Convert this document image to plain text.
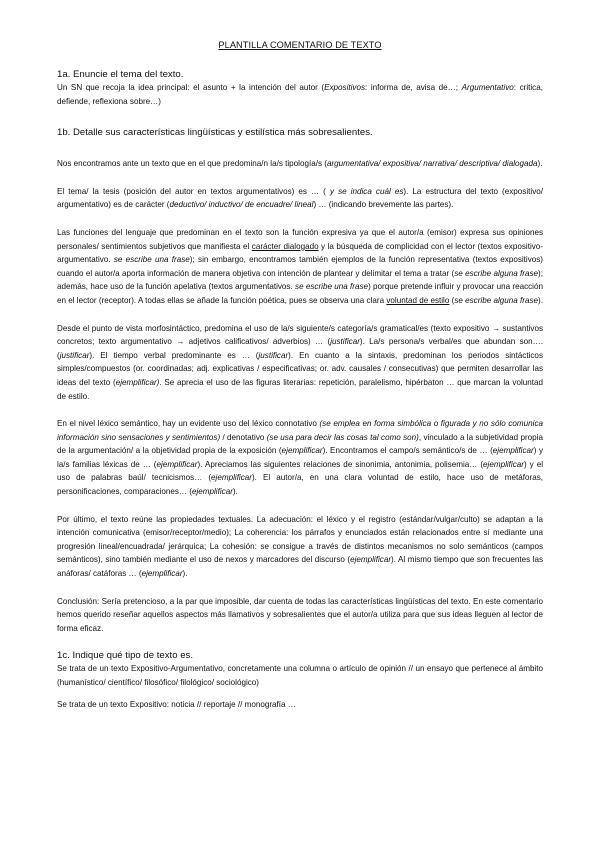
PLANTILLA COMENTARIO DE TEXTO
1a. Enuncie el tema del texto.

Un SN que recoja la idea principal: el asunto + la intención del autor (Expositivos: informa de, avisa de…; Argumentativo: critica, defiende, reflexiona sobre…)

1b. Detalle sus características lingüísticas y estilística más sobresalientes.

Nos encontramos ante un texto que en el que predomina/n la/s tipología/s (argumentativa/ expositiva/ narrativa/ descriptiva/ dialogada).

El tema/ la tesis (posición del autor en textos argumentativos) es … ( y se indica cuál es). La estructura del texto (expositivo/ argumentativo) es de carácter (deductivo/ inductivo/ de encuadre/ lineal) … (indicando brevemente las partes).

Las funciones del lenguaje que predominan en el texto son la función expresiva ya que el autor/a (emisor) expresa sus opiniones personales/ sentimientos subjetivos que manifiesta el carácter dialogado y la búsqueda de complicidad con el lector (textos expositivo-argumentativo. se escribe una frase); sin embargo, encontramos también ejemplos de la función representativa (textos expositivos) cuando el autor/a aporta información de manera objetiva con intención de plantear y delimitar el tema a tratar (se escribe alguna frase); además, hace uso de la función apelativa (textos argumentativos. se escribe una frase) porque pretende influir y provocar una reacción en el lector (receptor). A todas ellas se añade la función poética, pues se observa una clara voluntad de estilo (se escribe alguna frase).

Desde el punto de vista morfosintáctico, predomina el uso de la/s siguiente/s categoría/s gramatical/es (texto expositivo → sustantivos concretos; texto argumentativo → adjetivos calificativos/ adverbios) … (justificar). La/s persona/s verbal/es que abundan son…. (justificar). El tiempo verbal predominante es … (justificar). En cuanto a la sintaxis, predominan los periodos sintácticos simples/compuestos (or. coordinadas; adj. explicativas / especificativas; or. adv. causales / consecutivas) que permiten desarrollar las ideas del texto (ejemplificar). Se aprecia el uso de las figuras literarias: repetición, paralelismo, hipérbaton … que marcan la voluntad de estilo.

En el nivel léxico semántico, hay un evidente uso del léxico connotativo (se emplea en forma simbólica o figurada y no sólo comunica información sino sensaciones y sentimientos) / denotativo (se usa para decir las cosas tal como son), vinculado a la subjetividad propia de la argumentación/ a la objetividad propia de la exposición (ejemplificar). Encontramos el campo/s semántico/s de … (ejemplificar) y la/s familias léxicas de … (ejemplificar). Apreciamos las siguientes relaciones de sinonimia, antonimia, polisemia… (ejemplificar) y el uso de palabras baúl/ tecnicismos… (ejemplificar). El autor/a, en una clara voluntad de estilo, hace uso de metáforas, personificaciones, comparaciones… (ejemplificar).

Por último, el texto reúne las propiedades textuales. La adecuación: el léxico y el registro (estándar/vulgar/culto) se adaptan a la intención comunicativa (emisor/receptor/medio); La coherencia: los párrafos y enunciados están relacionados entre sí mediante una progresión lineal/encuadrada/ jerárquica; La cohesión: se consigue a través de distintos mecanismos no solo semánticos (campos semánticos), sino también mediante el uso de nexos y marcadores del discurso (ejemplificar). Al mismo tiempo que son frecuentes las anáforas/ catáforas … (ejemplificar).

Conclusión: Sería pretencioso, a la par que imposible, dar cuenta de todas las características lingüísticas del texto. En este comentario hemos querido reseñar aquellos aspectos más llamativos y sobresalientes que el autor/a utiliza para que sus ideas lleguen al lector de forma eficaz.

1c. Indique qué tipo de texto es.

Se trata de un texto Expositivo-Argumentativo, concretamente una columna o artículo de opinión // un ensayo que pertenece al ámbito (humanístico/ científico/ filosófico/ filológico/ sociológico)

Se trata de un texto Expositivo: noticia // reportaje // monografía …
